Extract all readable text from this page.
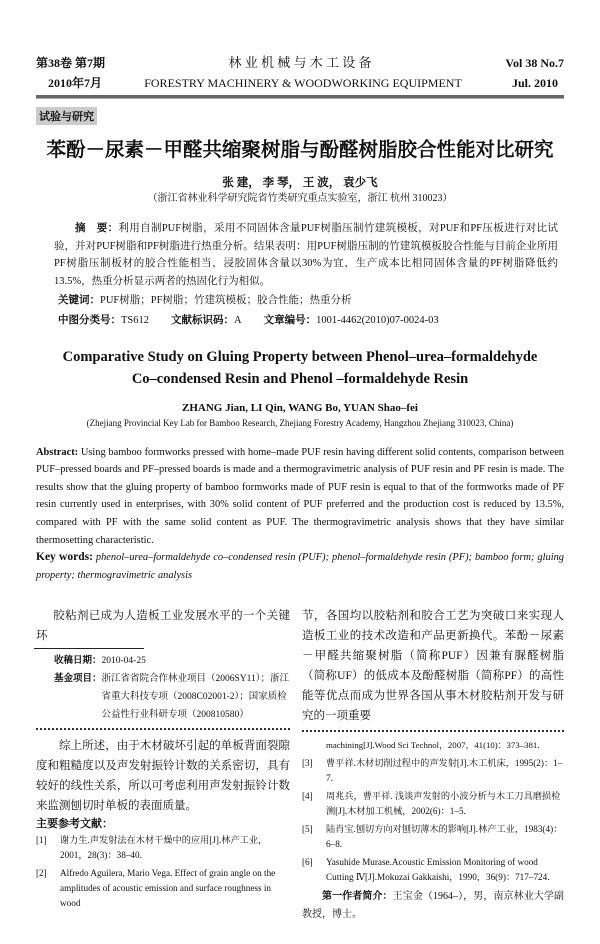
第38卷 第7期	林 业 机 械 与 木 工 设 备	Vol 38 No.7
2010年7月	FORESTRY MACHINERY & WOODWORKING EQUIPMENT	Jul. 2010
试验与研究
苯酚－尿素－甲醛共缩聚树脂与酚醛树脂胶合性能对比研究
张 建， 李 琴， 王 波， 袁少飞
（浙江省林业科学研究院省竹类研究重点实验室，浙江 杭州 310023）
摘　要：利用自制PUF树脂，采用不同固体含量PUF树脂压制竹建筑模板，对PUF和PF压板进行对比试验，并对PUF树脂和PF树脂进行热重分析。结果表明：用PUF树脂压制的竹建筑模板胶合性能与目前企业所用PF树脂压制板材的胶合性能相当，浸胶固体含量以30%为宜，生产成本比相同固体含量的PF树脂降低约13.5%，热重分析显示两者的热固化行为相似。
关键词：PUF树脂；PF树脂；竹建筑模板；胶合性能；热重分析
中图分类号：TS612 文献标识码：A 文章编号：1001-4462(2010)07-0024-03
Comparative Study on Gluing Property between Phenol–urea–formaldehyde
Co–condensed Resin and Phenol –formaldehyde Resin
ZHANG Jian, LI Qin, WANG Bo, YUAN Shao–fei
(Zhejiang Provincial Key Lab for Bamboo Research, Zhejiang Forestry Academy, Hangzhou Zhejiang 310023, China)
Abstract: Using bamboo formworks pressed with home–made PUF resin having different solid contents, comparison between PUF–pressed boards and PF–pressed boards is made and a thermogravimetric analysis of PUF resin and PF resin is made. The results show that the gluing property of bamboo formworks made of PUF resin is equal to that of the formworks made of PF resin currently used in enterprises, with 30% solid content of PUF preferred and the production cost is reduced by 13.5%, compared with PF with the same solid content as PUF. The thermogravimetric analysis shows that they have similar thermosetting characteristic.
Key words: phenol–urea–formaldehyde co–condensed resin (PUF); phenol–formaldehyde resin (PF); bamboo form; gluing property; thermogravimetric analysis
胶粘剂已成为人造板工业发展水平的一个关键环
收稿日期：2010-04-25
基金项目： 浙江省省院合作林业项目（2006SY11）；浙江省重大科技专项（2008C02001-2）；国家质检公益性行业科研专项（200810580）
综上所述，由于木材破坏引起的单板背面裂隙度和粗糙度以及声发射振铃计数的关系密切，具有较好的线性关系，所以可考虑利用声发射振铃计数来监测刨切时单板的表面质量。
主要参考文献：
[1]	谢力生.声发射法在木材干燥中的应用[J].林产工业，2001，28(3)：38–40.
[2]	Alfredo Aguilera, Mario Vega. Effect of grain angle on the amplitudes of acoustic emission and surface roughness in wood
节，各国均以胶粘剂和胶合工艺为突破口来实现人造板工业的技术改造和产品更新换代。苯酚－尿素－甲醛共缩聚树脂（简称PUF）因兼有脲醛树脂（简称UF）的低成本及酚醛树脂（简称PF）的高性能等优点而成为世界各国从事木材胶粘剂开发与研究的一项重要
machining[J].Wood Sci Technol，2007，41(10)：373–381.
[3]	曹平祥.木材切削过程中的声发射[J].木工机床，1995(2)：1–7.
[4]	周兆兵，曹平祥. 浅谈声发射的小波分析与木工刀具磨损检测[J].木材加工机械，2002(6)：1–5.
[5]	陆肖宝.刨切方向对刨切薄木的影响[J].林产工业，1983(4)：6–8.
[6]	Yasuhide Murase.Acoustic Emission Monitoring of wood Cutting Ⅳ[J].Mokuzai Gakkaishi，1990，36(9)：717–724.
第一作者简介：王宝金（1964–），男，南京林业大学副教授，博士。
